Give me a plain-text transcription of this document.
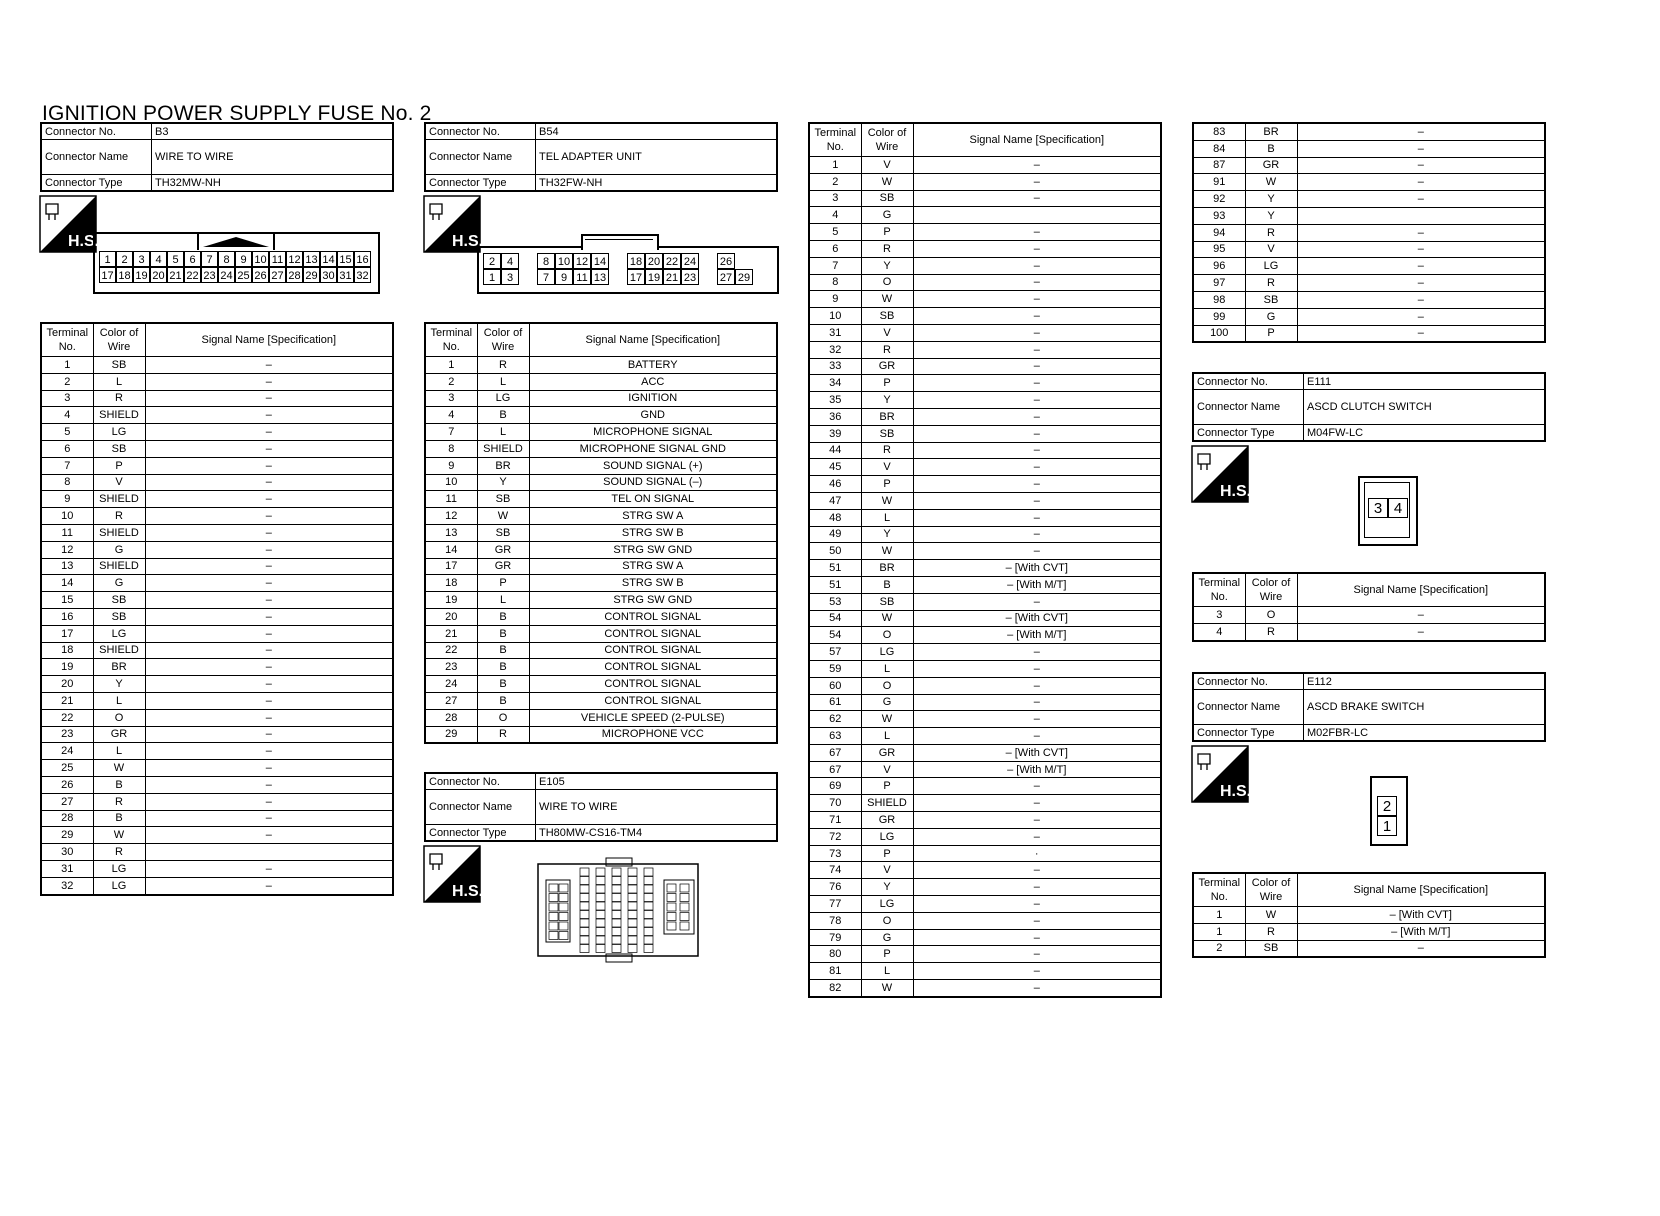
IGNITION POWER SUPPLY FUSE No. 2
Connector No.	B3
Connector Name	WIRE TO WIRE
Connector Type	TH32MW-NH
Connector No.	B54
Connector Name	TEL ADAPTER UNIT
Connector Type	TH32FW-NH
Connector No.	E105
Connector Name	WIRE TO WIRE
Connector Type	TH80MW-CS16-TM4
Connector No.	E111
Connector Name	ASCD CLUTCH SWITCH
Connector Type	M04FW-LC
Connector No.	E112
Connector Name	ASCD BRAKE SWITCH
Connector Type	M02FBR-LC
H.S.	H.S.
H.S.
H.S.
H.S.
1 2 3 4 5 6 7 8 9 10 11 12 13 14 15 16
17 18 19 20 21 22 23 24 25 26 27 28 29 30 31 32
2	4	8 10 12 14 18 20 22 24 26
1	3	7	9 11 13 17 19 21 23 27 29
3 4
2
1
Terminal No.	Color of Wire	Signal Name [Specification]
1	SB	–
2	L	–
3	R	–
4	SHIELD	–
5	LG	–
6	SB	–
7	P	–
8	V	–
9	SHIELD	–
10	R	–
11	SHIELD	–
12	G	–
13	SHIELD	–
14	G	–
15	SB	–
16	SB	–
17	LG	–
18	SHIELD	–
19	BR	–
20	Y	–
21	L	–
22	O	–
23	GR	–
24	L	–
25	W	–
26	B	–
27	R	–
28	B	–
29	W	–
30	R	
31	LG	–
32	LG	–
Terminal No.	Color of Wire	Signal Name [Specification]
1	R	BATTERY
2	L	ACC
3	LG	IGNITION
4	B	GND
7	L	MICROPHONE SIGNAL
8	SHIELD	MICROPHONE SIGNAL GND
9	BR	SOUND SIGNAL (+)
10	Y	SOUND SIGNAL (–)
11	SB	TEL ON SIGNAL
12	W	STRG SW A
13	SB	STRG SW B
14	GR	STRG SW GND
17	GR	STRG SW A
18	P	STRG SW B
19	L	STRG SW GND
20	B	CONTROL SIGNAL
21	B	CONTROL SIGNAL
22	B	CONTROL SIGNAL
23	B	CONTROL SIGNAL
24	B	CONTROL SIGNAL
27	B	CONTROL SIGNAL
28	O	VEHICLE SPEED (2-PULSE)
29	R	MICROPHONE VCC
Terminal No.	Color of Wire	Signal Name [Specification]
1	V	–
2	W	–
3	SB	–
4	G	
5	P	–
6	R	–
7	Y	–
8	O	–
9	W	–
10	SB	–
31	V	–
32	R	–
33	GR	–
34	P	–
35	Y	–
36	BR	–
39	SB	–
44	R	–
45	V	–
46	P	–
47	W	–
48	L	–
49	Y	–
50	W	–
51	BR	– [With CVT]
51	B	– [With M/T]
53	SB	–
54	W	– [With CVT]
54	O	– [With M/T]
57	LG	–
59	L	–
60	O	–
61	G	–
62	W	–
63	L	–
67	GR	– [With CVT]
67	V	– [With M/T]
69	P	–
70	SHIELD	–
71	GR	–
72	LG	–
73	P	·
74	V	–
76	Y	–
77	LG	–
78	O	–
79	G	–
80	P	–
81	L	–
82	W	–
83	BR	–
84	B	–
87	GR	–
91	W	–
92	Y	–
93	Y	
94	R	–
95	V	–
96	LG	–
97	R	–
98	SB	–
99	G	–
100	P	–
Terminal No.	Color of Wire	Signal Name [Specification]
3	O	–
4	R	–
Terminal No.	Color of Wire	Signal Name [Specification]
1	W	– [With CVT]
1	R	– [With M/T]
2	SB	–
